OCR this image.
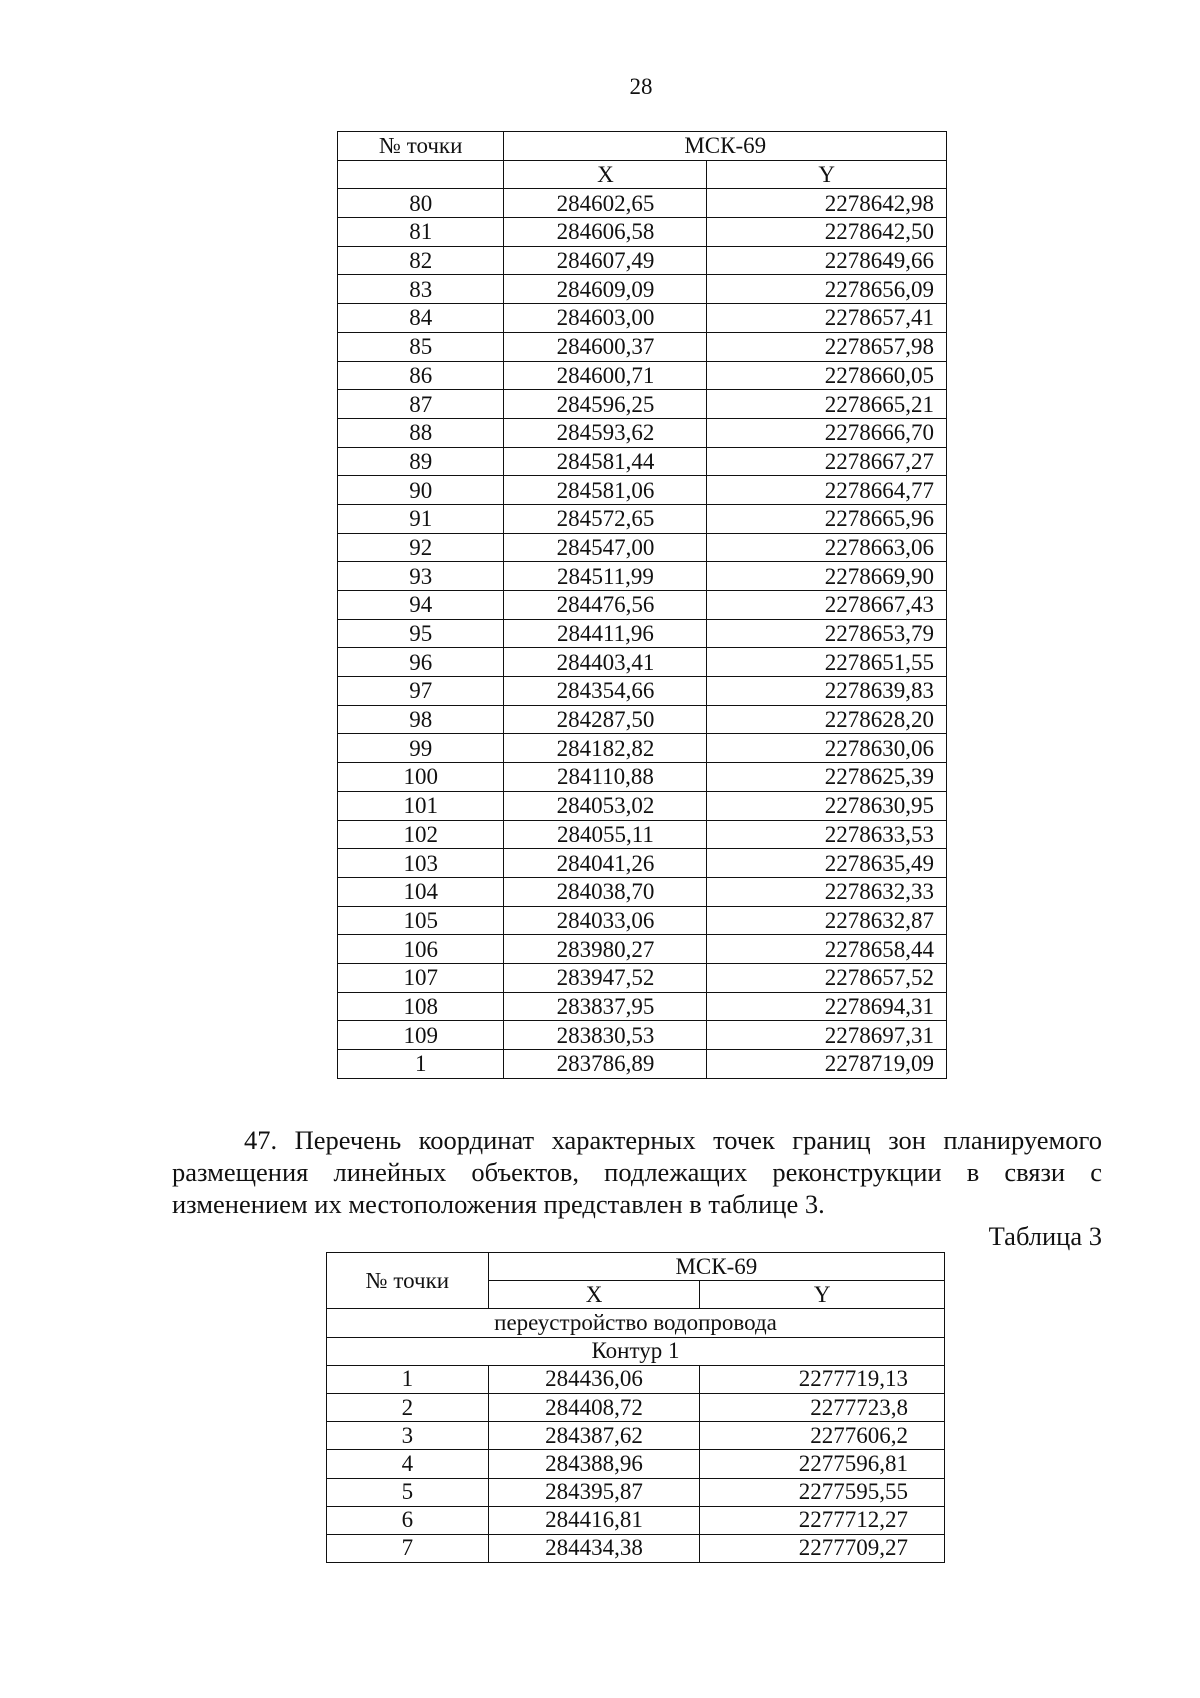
28
№ точки	МСК-69	
	X	Y
80	284602,65	2278642,98
81	284606,58	2278642,50
82	284607,49	2278649,66
83	284609,09	2278656,09
84	284603,00	2278657,41
85	284600,37	2278657,98
86	284600,71	2278660,05
87	284596,25	2278665,21
88	284593,62	2278666,70
89	284581,44	2278667,27
90	284581,06	2278664,77
91	284572,65	2278665,96
92	284547,00	2278663,06
93	284511,99	2278669,90
94	284476,56	2278667,43
95	284411,96	2278653,79
96	284403,41	2278651,55
97	284354,66	2278639,83
98	284287,50	2278628,20
99	284182,82	2278630,06
100	284110,88	2278625,39
101	284053,02	2278630,95
102	284055,11	2278633,53
103	284041,26	2278635,49
104	284038,70	2278632,33
105	284033,06	2278632,87
106	283980,27	2278658,44
107	283947,52	2278657,52
108	283837,95	2278694,31
109	283830,53	2278697,31
1	283786,89	2278719,09
47. Перечень координат характерных точек границ зон планируемого размещения линейных объектов, подлежащих реконструкции в связи с изменением их местоположения представлен в таблице 3.
Таблица 3
№ точки	МСК-69	
	X	Y
переустройство водопровода		
Контур 1		
1	284436,06	2277719,13
2	284408,72	2277723,8
3	284387,62	2277606,2
4	284388,96	2277596,81
5	284395,87	2277595,55
6	284416,81	2277712,27
7	284434,38	2277709,27
